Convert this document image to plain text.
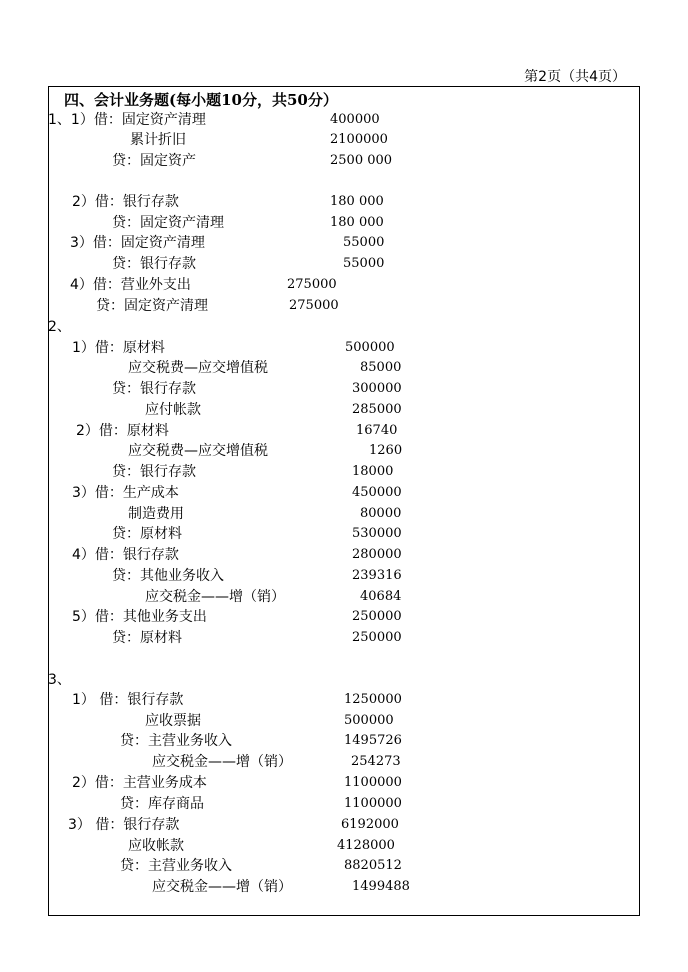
第2页（共4页）
四、会计业务题(每小题10分，共50分）
1、1）借：固定资产清理	400000
累计折旧	2100000
贷：固定资产	2500 000
2）借：银行存款	180 000
贷：固定资产清理	180 000
3）借：固定资产清理	55000
贷：银行存款	55000
4）借：营业外支出	275000
贷：固定资产清理	275000
2、
1）借：原材料	500000
应交税费—应交增值税	85000
贷：银行存款	300000
应付帐款	285000
2）借：原材料	16740
应交税费—应交增值税	1260
贷：银行存款	18000
3）借：生产成本	450000
制造费用	80000
贷：原材料	530000
4）借：银行存款	280000
贷：其他业务收入	239316
应交税金——增（销）	40684
5）借：其他业务支出	250000
贷：原材料	250000
3、
1） 借：银行存款	1250000
应收票据	500000
贷：主营业务收入	1495726
应交税金——增（销）	254273
2）借：主营业务成本	1100000
贷：库存商品	1100000
3） 借：银行存款	6192000
应收帐款	4128000
贷：主营业务收入	8820512
应交税金——增（销）	1499488
